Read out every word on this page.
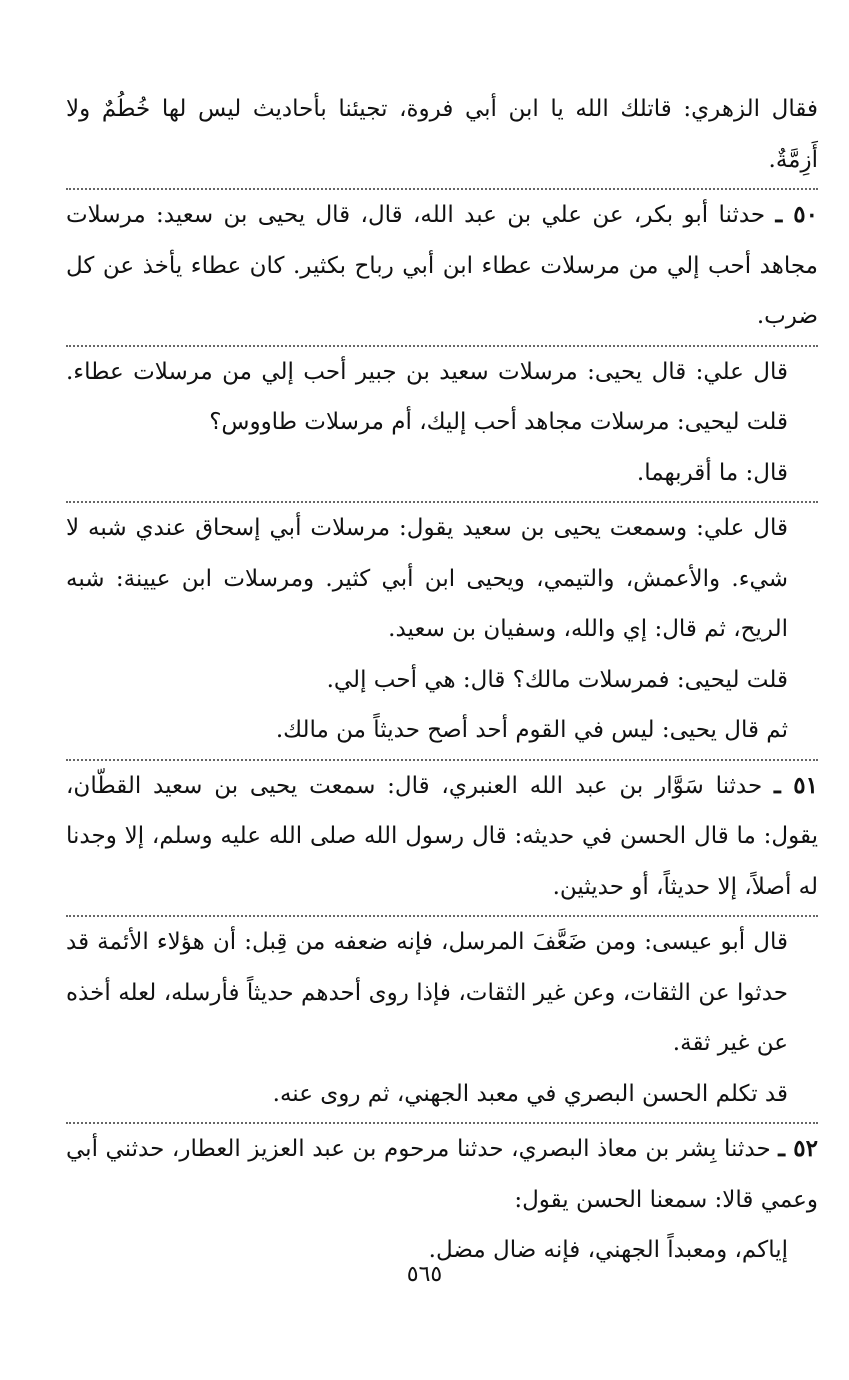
فقال الزهري: قاتلك الله يا ابن أبي فروة، تجيئنا بأحاديث ليس لها خُطُمٌ ولا أَزِمَّةٌ.

٥٠ ـ حدثنا أبو بكر، عن علي بن عبد الله، قال، قال يحيى بن سعيد: مرسلات مجاهد أحب إلي من مرسلات عطاء ابن أبي رباح بكثير. كان عطاء يأخذ عن كل ضرب.

قال علي: قال يحيى: مرسلات سعيد بن جبير أحب إلي من مرسلات عطاء. قلت ليحيى: مرسلات مجاهد أحب إليك، أم مرسلات طاووس؟

قال: ما أقربهما.

قال علي: وسمعت يحيى بن سعيد يقول: مرسلات أبي إسحاق عندي شبه لا شيء. والأعمش، والتيمي، ويحيى ابن أبي كثير. ومرسلات ابن عيينة: شبه الريح، ثم قال: إي والله، وسفيان بن سعيد.

قلت ليحيى: فمرسلات مالك؟ قال: هي أحب إلي.

ثم قال يحيى: ليس في القوم أحد أصح حديثاً من مالك.

٥١ ـ حدثنا سَوَّار بن عبد الله العنبري، قال: سمعت يحيى بن سعيد القطّان، يقول: ما قال الحسن في حديثه: قال رسول الله صلى الله عليه وسلم، إلا وجدنا له أصلاً، إلا حديثاً، أو حديثين.

قال أبو عيسى: ومن ضَعَّفَ المرسل، فإنه ضعفه من قِبل: أن هؤلاء الأئمة قد حدثوا عن الثقات، وعن غير الثقات، فإذا روى أحدهم حديثاً فأرسله، لعله أخذه عن غير ثقة.

قد تكلم الحسن البصري في معبد الجهني، ثم روى عنه.

٥٢ ـ حدثنا بِشر بن معاذ البصري، حدثنا مرحوم بن عبد العزيز العطار، حدثني أبي وعمي قالا: سمعنا الحسن يقول:

إياكم، ومعبداً الجهني، فإنه ضال مضل.

٥٦٥
